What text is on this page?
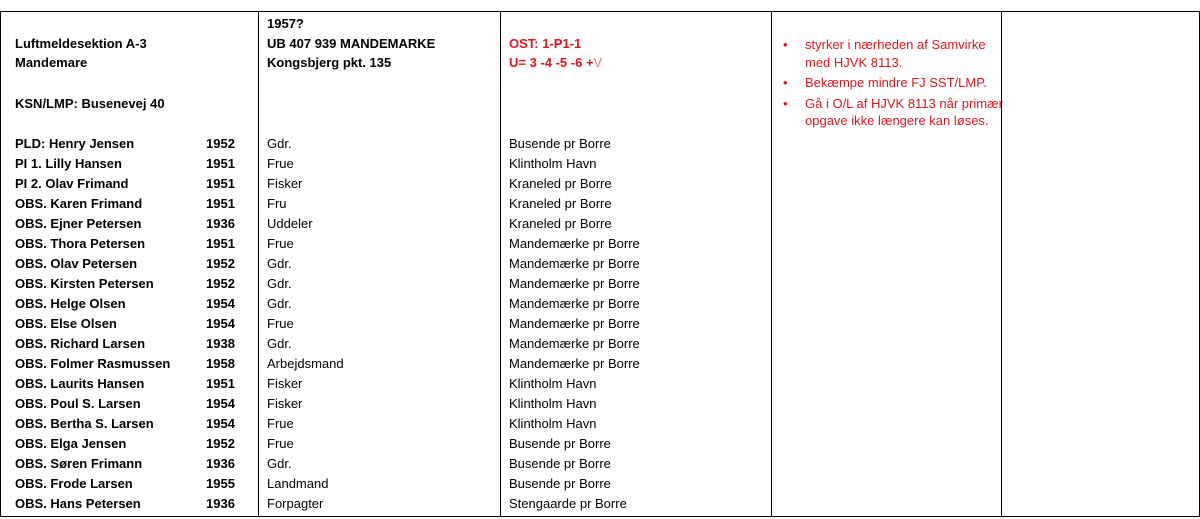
Luftmeldesektion A-3
Mandemare
KSN/LMP: Busenevej 40
1957?
UB 407 939 MANDEMARKE
Kongsbjerg pkt. 135
OST: 1-P1-1
U= 3 -4 -5 -6 +V
• styrker i nærheden af Samvirke med HJVK 8113.
• Bekæmpe mindre FJ SST/LMP.
• Gå i O/L af HJVK 8113 når primær opgave ikke længere kan løses.
PLD: Henry Jensen	1952 Gdr.	Busende pr Borre
PI 1. Lilly Hansen	1951 Frue	Klintholm Havn
PI 2. Olav Frimand	1951 Fisker	Kraneled pr Borre
OBS. Karen Frimand	1951 Fru	Kraneled pr Borre
OBS. Ejner Petersen	1936 Uddeler	Kraneled pr Borre
OBS. Thora Petersen	1951 Frue	Mandemærke pr Borre
OBS. Olav Petersen	1952 Gdr.	Mandemærke pr Borre
OBS. Kirsten Petersen	1952 Gdr.	Mandemærke pr Borre
OBS. Helge Olsen	1954 Gdr.	Mandemærke pr Borre
OBS. Else Olsen	1954 Frue	Mandemærke pr Borre
OBS. Richard Larsen	1938 Gdr.	Mandemærke pr Borre
OBS. Folmer Rasmussen	1958 Arbejdsmand	Mandemærke pr Borre
OBS. Laurits Hansen	1951 Fisker	Klintholm Havn
OBS. Poul S. Larsen	1954 Fisker	Klintholm Havn
OBS. Bertha S. Larsen	1954 Frue	Klintholm Havn
OBS. Elga Jensen	1952 Frue	Busende pr Borre
OBS. Søren Frimann	1936 Gdr.	Busende pr Borre
OBS. Frode Larsen	1955 Landmand	Busende pr Borre
OBS. Hans Petersen	1936 Forpagter	Stengaarde pr Borre
